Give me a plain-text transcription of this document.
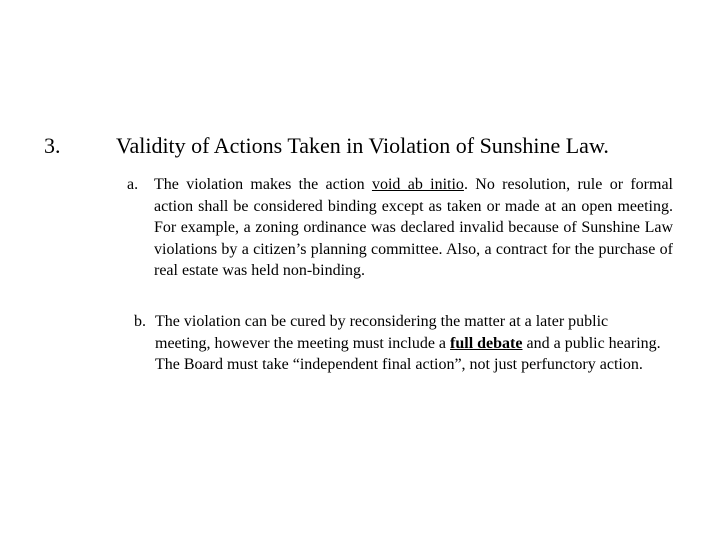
3.	Validity of Actions Taken in Violation of Sunshine Law.
a. The violation makes the action void ab initio. No resolution, rule or formal action shall be considered binding except as taken or made at an open meeting. For example, a zoning ordinance was declared invalid because of Sunshine Law violations by a citizen’s planning committee. Also, a contract for the purchase of real estate was held non-binding.
b. The violation can be cured by reconsidering the matter at a later public meeting, however the meeting must include a full debate and a public hearing. The Board must take “independent final action”, not just perfunctory action.
